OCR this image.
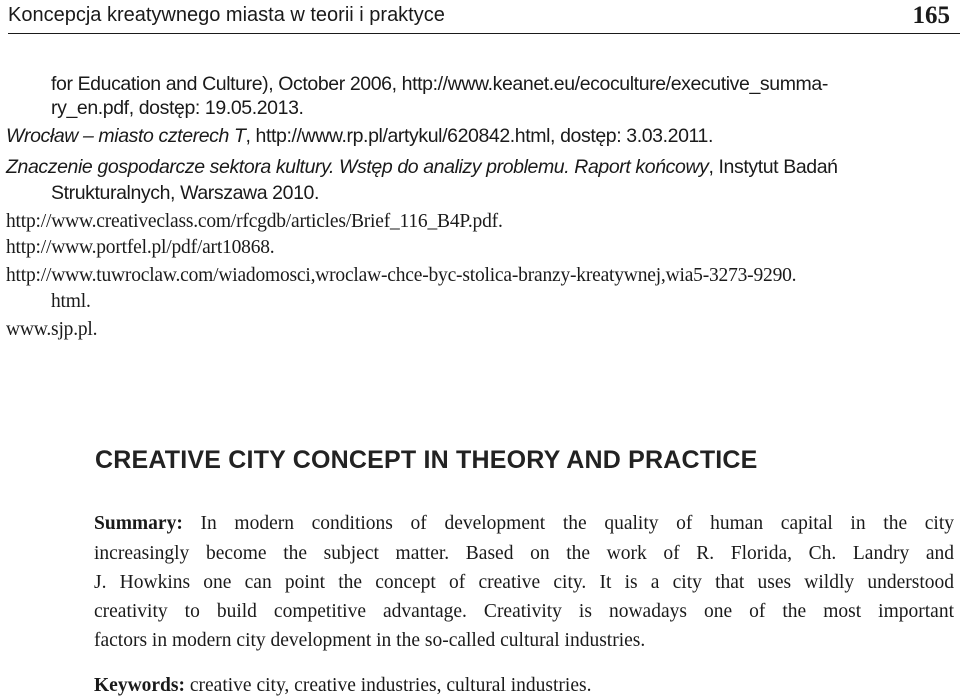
Koncepcja kreatywnego miasta w teorii i praktyce	165
for Education and Culture), October 2006, http://www.keanet.eu/ecoculture/executive_summa-
ry_en.pdf, dostęp: 19.05.2013.
Wrocław – miasto czterech T, http://www.rp.pl/artykul/620842.html, dostęp: 3.03.2011.
Znaczenie gospodarcze sektora kultury. Wstęp do analizy problemu. Raport końcowy, Instytut Badań
Strukturalnych, Warszawa 2010.
http://www.creativeclass.com/rfcgdb/articles/Brief_116_B4P.pdf.
http://www.portfel.pl/pdf/art10868.
http://www.tuwroclaw.com/wiadomosci,wroclaw-chce-byc-stolica-branzy-kreatywnej,wia5-3273-9290.
html.
www.sjp.pl.
CREATIVE CITY CONCEPT IN THEORY AND PRACTICE
Summary: In modern conditions of development the quality of human capital in the city
increasingly become the subject matter. Based on the work of R. Florida, Ch. Landry and
J. Howkins one can point the concept of creative city. It is a city that uses wildly understood
creativity to build competitive advantage. Creativity is nowadays one of the most important
factors in modern city development in the so-called cultural industries.
Keywords: creative city, creative industries, cultural industries.
